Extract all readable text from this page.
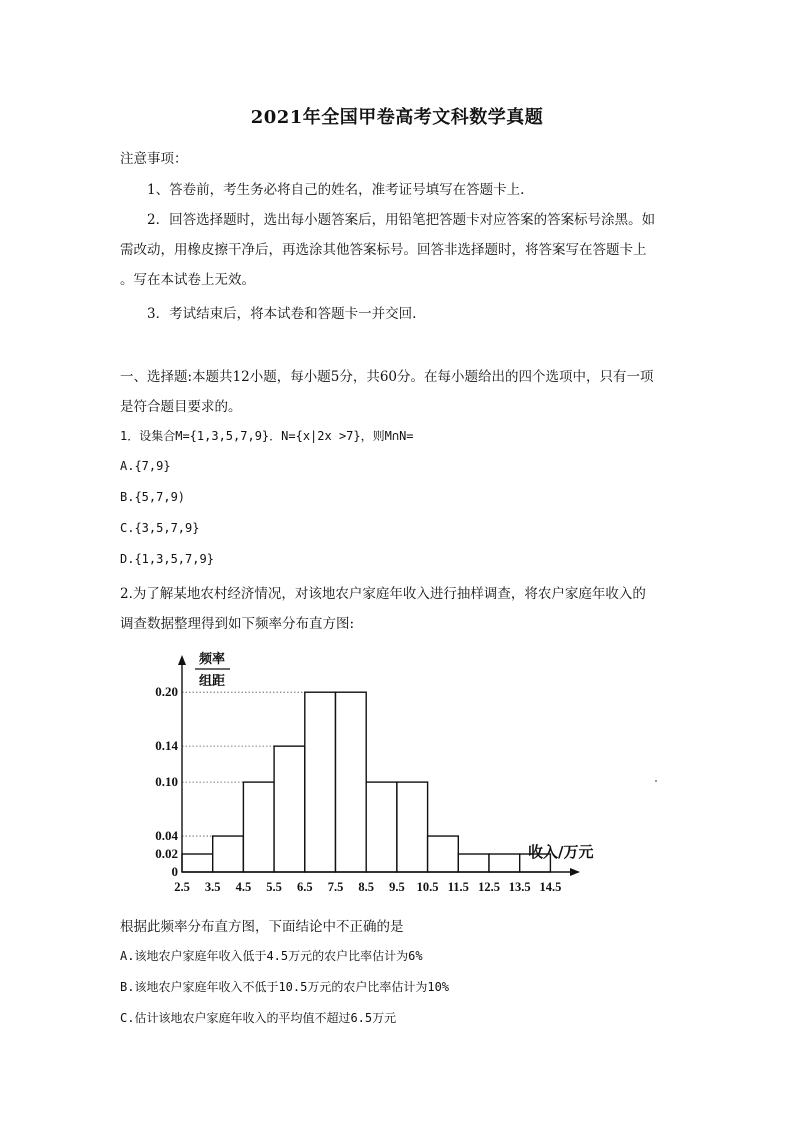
2021年全国甲卷高考文科数学真题
注意事项：
1、答卷前，考生务必将自己的姓名，准考证号填写在答题卡上.
2．回答选择题时，选出每小题答案后，用铅笔把答题卡对应答案的答案标号涂黑。如
需改动，用橡皮擦干净后，再选涂其他答案标号。回答非选择题时，将答案写在答题卡上
。写在本试卷上无效。
3．考试结束后，将本试卷和答题卡一并交回.
一、选择题:本题共12小题，每小题5分，共60分。在每小题给出的四个选项中，只有一项
是符合题目要求的。
1．设集合M={1,3,5,7,9}．N={x|2x >7}，则M∩N=
A.{7,9}
B.{5,7,9)
C.{3,5,7,9}
D.{1,3,5,7,9}
2.为了解某地农村经济情况，对该地农户家庭年收入进行抽样调查，将农户家庭年收入的
调查数据整理得到如下频率分布直方图:
0
0.02
0.04
0.10
0.14
0.20
2.5 3.5 4.5 5.5 6.5 7.5 8.5 9.5 10.5 11.5 12.5 13.5 14.5
频率
组距
收入/万元
根据此频率分布直方图，下面结论中不正确的是
A.该地农户家庭年收入低于4.5万元的农户比率估计为6%
B.该地农户家庭年收入不低于10.5万元的农户比率估计为10%
C.估计该地农户家庭年收入的平均值不超过6.5万元
